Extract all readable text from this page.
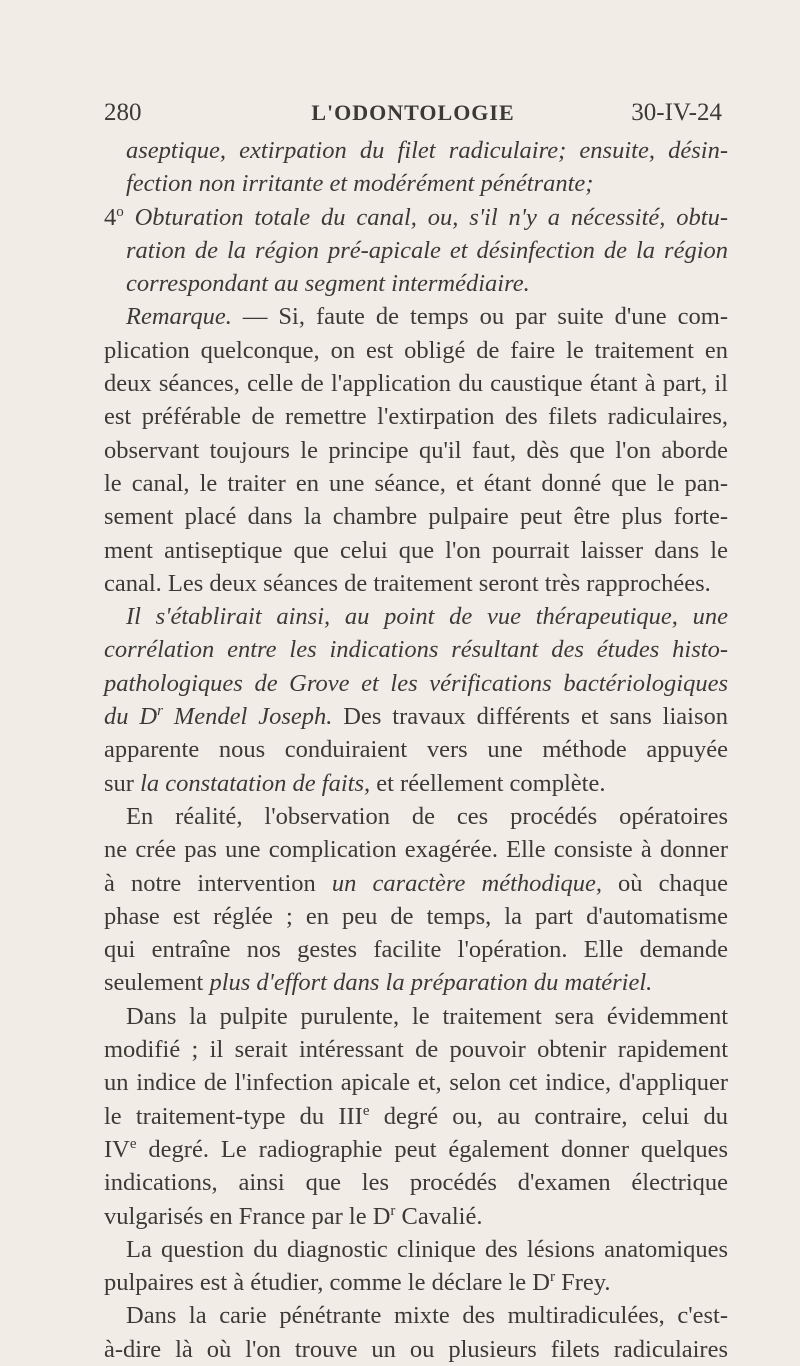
280	L'ODONTOLOGIE	30-IV-24
aseptique, extirpation du filet radiculaire; ensuite, désin-
fection non irritante et modérément pénétrante;
4$^o$ Obturation totale du canal, ou, s'il n'y a nécessité, obtu-
ration de la région pré-apicale et désinfection de la région
correspondant au segment intermédiaire.
Remarque. — Si, faute de temps ou par suite d'une com-
plication quelconque, on est obligé de faire le traitement en
deux séances, celle de l'application du caustique étant à part, il
est préférable de remettre l'extirpation des filets radiculaires,
observant toujours le principe qu'il faut, dès que l'on aborde
le canal, le traiter en une séance, et étant donné que le pan-
sement placé dans la chambre pulpaire peut être plus forte-
ment antiseptique que celui que l'on pourrait laisser dans le
canal. Les deux séances de traitement seront très rapprochées.
Il s'établirait ainsi, au point de vue thérapeutique, une
corrélation entre les indications résultant des études histo-
pathologiques de Grove et les vérifications bactériologiques
du $D^r$ Mendel Joseph. Des travaux différents et sans liaison
apparente nous conduiraient vers une méthode appuyée
sur la constatation de faits, et réellement complète.
En réalité, l'observation de ces procédés opératoires
ne crée pas une complication exagérée. Elle consiste à donner
à notre intervention un caractère méthodique, où chaque
phase est réglée ; en peu de temps, la part d'automatisme
qui entraîne nos gestes facilite l'opération. Elle demande
seulement plus d'effort dans la préparation du matériel.
Dans la pulpite purulente, le traitement sera évidemment
modifié ; il serait intéressant de pouvoir obtenir rapidement
un indice de l'infection apicale et, selon cet indice, d'appliquer
le traitement-type du IIIe degré ou, au contraire, celui du
IVe degré. Le radiographie peut également donner quelques
indications, ainsi que les procédés d'examen électrique
vulgarisés en France par le $D^r$ Cavalié.
La question du diagnostic clinique des lésions anatomiques
pulpaires est à étudier, comme le déclare le $D^r$ Frey.
Dans la carie pénétrante mixte des multiradiculées, c'est-
à-dire là où l'on trouve un ou plusieurs filets radiculaires
